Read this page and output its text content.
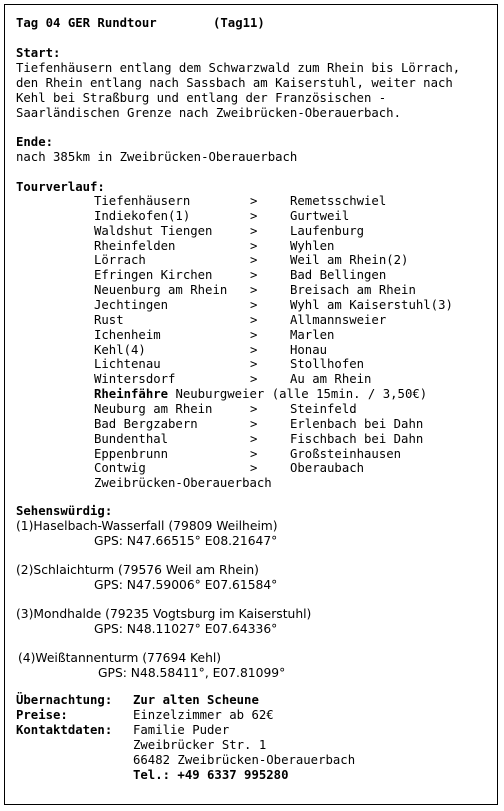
Tag 04 GER Rundtour	(Tag11)
Start:
Tiefenhäusern entlang dem Schwarzwald zum Rhein bis Lörrach,
den Rhein entlang nach Sassbach am Kaiserstuhl, weiter nach
Kehl bei Straßburg und entlang der Französischen -
Saarländischen Grenze nach Zweibrücken-Oberauerbach.
Ende:
nach 385km in Zweibrücken-Oberauerbach
Tourverlauf:
Tiefenhäusern	>	Remetsschwiel
Indiekofen(1)	>	Gurtweil
Waldshut Tiengen	>	Laufenburg
Rheinfelden	>	Wyhlen
Lörrach	>	Weil am Rhein(2)
Efringen Kirchen	>	Bad Bellingen
Neuenburg am Rhein >	Breisach am Rhein
Jechtingen	>	Wyhl am Kaiserstuhl(3)
Rust	>	Allmannsweier
Ichenheim	>	Marlen
Kehl(4)	>	Honau
Lichtenau	>	Stollhofen
Wintersdorf	>	Au am Rhein
Rheinfähre Neuburgweier (alle 15min. / 3,50€)
Neuburg am Rhein	>	Steinfeld
Bad Bergzabern	>	Erlenbach bei Dahn
Bundenthal	>	Fischbach bei Dahn
Eppenbrunn	>	Großsteinhausen
Contwig	>	Oberaubach
Zweibrücken-Oberauerbach
Sehenswürdig:
(1)Haselbach-Wasserfall (79809 Weilheim)
GPS: N47.66515° E08.21647°
(2)Schlaichturm (79576 Weil am Rhein)
GPS: N47.59006° E07.61584°
(3)Mondhalde (79235 Vogtsburg im Kaiserstuhl)
GPS: N48.11027° E07.64336°
(4)Weißtannenturm (77694 Kehl)
GPS: N48.58411°, E07.81099°
Übernachtung: Zur alten Scheune
Preise:	Einzelzimmer ab 62€
Kontaktdaten: Familie Puder
Zweibrücker Str. 1
66482 Zweibrücken-Oberauerbach
Tel.: +49 6337 995280
